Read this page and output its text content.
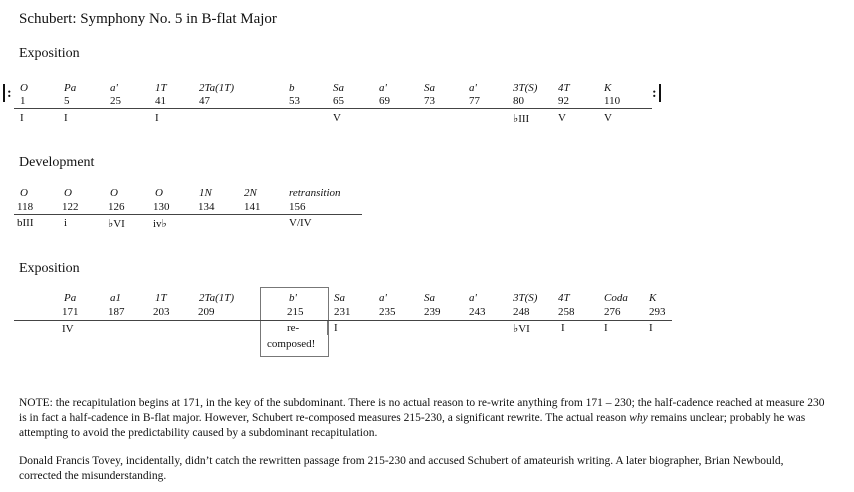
Schubert: Symphony No. 5 in B-flat Major
Exposition
:	:
O
1
I
Pa
5
I
a'
25
1T
41
I
2Ta(1T)
47
b
53
Sa
65
V
a'
69
Sa
73
a'
77
3T(S)
80
♭III
4T
92
V
K
110
V
Development
O
118
bIII
O
122
i
O
126
♭VI
O
130
iv♭
1N
134
2N
141
retransition
156
V/IV
Exposition
Pa
171
IV
a1
187
1T
203
2Ta(1T)
209
b'
215
re-
composed!
Sa
231
I
a'
235
Sa
239
a'
243
3T(S)
248
♭VI
4T
258
I
Coda
276
I
K
293
I
NOTE: the recapitulation begins at 171, in the key of the subdominant. There is no actual reason to re-write anything from 171 – 230; the half-cadence reached at measure 230 is in fact a half-cadence in B-flat major. However, Schubert re-composed measures 215-230, a significant rewrite. The actual reason why remains unclear; probably he was attempting to avoid the predictability caused by a subdominant recapitulation.
Donald Francis Tovey, incidentally, didn’t catch the rewritten passage from 215-230 and accused Schubert of amateurish writing. A later biographer, Brian Newbould, corrected the misunderstanding.
